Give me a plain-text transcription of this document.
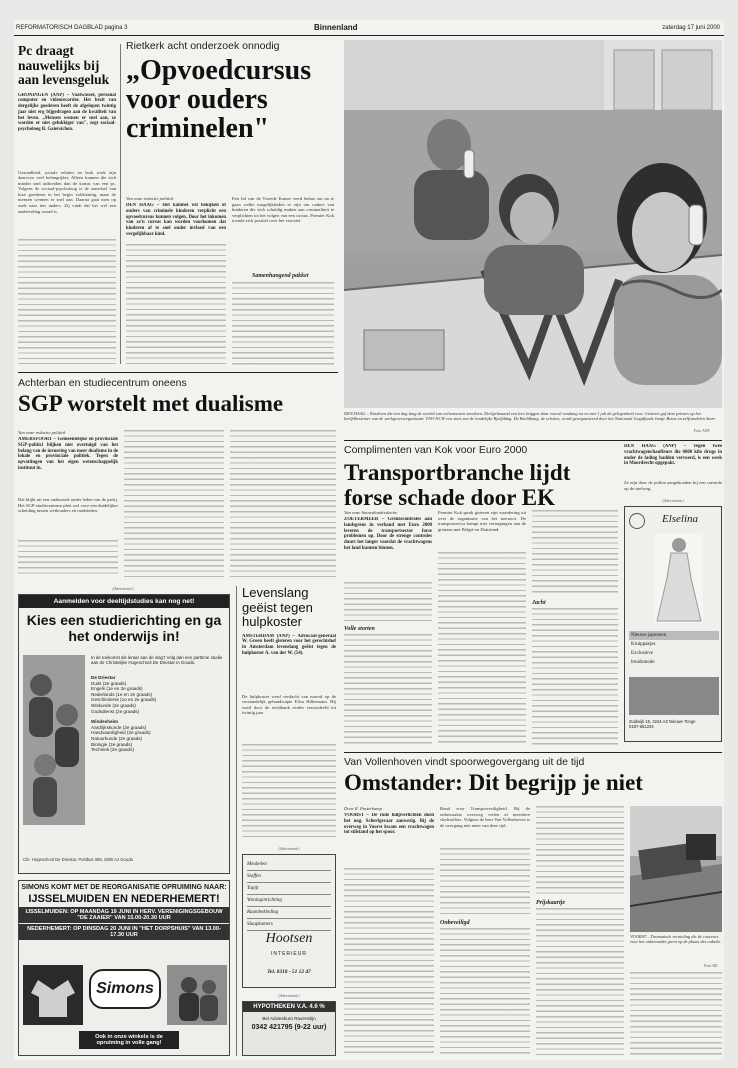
REFORMATORISCH DAGBLAD pagina 3	Binnenland	zaterdag 17 juni 2000
Pc draagt nauwelijks bij aan levensgeluk
GRONINGEN (ANP) – Vaatwasser, personal computer en videorecorder. Het bezit van dergelijke goederen heeft de afgelopen twintig jaar niet erg bijgedragen aan de kwaliteit van het leven. „Mensen wensen er snel aan, ze worden er niet gelukkiger van", zegt sociaal-psycholoog B. Gaiersichen.
Gezondheid, sociale relaties en leuk werk zijn daarvoor veel belangrijker. Alleen kunnen die zich minder snel uitbreiden dan de komst van een pc. Volgens de sociaal-psycholoog is de aanschaf van luxe goederen in het begin voldoening, maar de mensen wennen er snel aan. Daarna gaat men op zoek naar iets anders. Zij vindt dat het wel een aanbeveling waard is.
Rietkerk acht onderzoek onnodig
„Opvoedcursus voor ouders criminelen"
Van onze redactie politiek
DEN HAAG – Het kabinet wil bekijken of ouders van criminele kinderen verplicht een opvoedcursus kunnen volgen. Door het inkomen van ze'n cursus kan worden voorkomen dat kinderen af te snel onder invloed van een vergelijkbaar kind.
Een lid van de Tweede Kamer werd belast om na te gaan welke mogelijkheden er zijn om ouders van kinderen die zich schuldig maken aan criminaliteit te verplichten tot het volgen van een cursus. Premier Kok toonde zich positief over het voorstel.
Samenhangend pakket
DEN HAAG – Kinderen die een dag lang de wereld van volwassenen meedoen. Deelgelmaand een lees kriggen daar vooral vandaag tot en met 1 juli de gelegenheid voor. Gisteren gaf deze prinses op het beelfdbestemer van de werkgeversorganisatie VNO-NCW een start met de landelijke Byelfddag. De Beeldbaag, de scholen, wordt georganiseerd door het Nationaal Jeugdfonds Jantje Beton en zelfcandelen Starr.
Foto: ANP
Achterban en studiecentrum oneens
SGP worstelt met dualisme
Van onze redactie politiek
AMERSFOORT – Gemeentelijke en provinciale SGP-politici blijken niet overtuigd van het belang van de invoering van meer dualisme in de lokale en provinciale politiek. Tegen de opvattingen van het eigen wetenschappelijk instituut in.
Dat blijkt uit een onderzoek onder leden van de partij. Het SGP-studiecentrum pleit wel voor een duidelijker scheiding tussen wethouders en raadsleden.
(Advertentie)
Aanmelden voor deeltijdstudies kan nog net!
Kies een studierichting en ga het onderwijs in!
In de toekomst als leraar aan de slag? Volg dan een parttime studie aan de Christelijke Hogeschool De Driestar in Gouda.
De Driestar
Duits (2e graads)
Engels (1e en 2e graads)
Nederlands (1e en 2e graads)
Geschiedenis (1e en 2e graads)
Wiskunde (2e graads)
Godsdienst (2e graads)
Windesheim
Aardrijkskunde (2e graads)
Handvaardigheid (2e graads)
Natuurkunde (2e graads)
Biologie (2e graads)
Techniek (2e graads)
Chr. Hogeschool De Driestar, Postbus 368, 2800 AJ Gouda
SIMONS KOMT MET DE REORGANISATIE OPRUIMING NAAR:
IJSSELMUIDEN EN NEDERHEMERT!
IJSSELMUIDEN: OP MAANDAG 19 JUNI IN HERV. VERENIGINGSGEBOUW "DE ZAAIER" VAN 15.00-20.30 UUR
NEDERHEMERT: OP DINSDAG 20 JUNI IN "HET DORPSHUIS" VAN 13.00-17.30 UUR
Simons
Ook in onze winkels is de opruiming in volle gang!
Levenslang geëist tegen hulpkoster
AMSTERDAM (ANP) – Advocaat-generaal W. Groen heeft gisteren voor het gerechtshof in Amsterdam levenslang geëist tegen de hulpkoster A. van der W. (54).
De hulpkoster werd verdacht van moord op de verstandelijk gehandicapte Elisa Hilkemann. Hij werd door de rechtbank eerder veroordeeld tot twintig jaar.
(Advertentie)
Meubelen
Stoffen
Tapijt
Woninginrichting
Raambekleding
Slaapkamers
Hootsen
INTERIEUR
Tel. 0318 - 51 12 47
(Advertentie)
HYPOTHEKEN V.A. 4.6 %
Bel Adviesburo Ravenstijn
0342 421795 (9-22 uur)
Complimenten van Kok voor Euro 2000
Transportbranche lijdt forse schade door EK
Van onze binnenlandredactie
ZOETERMEER – Grenzecontroles aan landsgrens in verband met Euro 2000 leveren de transportsector forse problemen op. Door de strenge controles duurt het langer voordat de vrachtwagens het land kunnen binnen.
Volle storten
Premier Kok sprak gisteren zijn waardering uit over de organisatie van het toernooi. De transportsector kampt met vertragingen aan de grenzen met België en Duitsland.
Jacht
DEN HAAG (ANP) – Tegen twee vrachtwagenchauffeurs die 6000 kilo drugs in onder de lading hadden vervoerd, is een week in Moordrecht opgepakt.
Ze zijn door de politie aangehouden bij een controle op de snelweg.
(Advertentie)
Elselina
Nieuwe japonnen
Kruippakjes
Exclusieve
bruidsmode
Zuidwijk 16, 3244 AZ Nieuwe Tonge
0187-651234
Van Vollenhoven vindt spoorwegovergang uit de tijd
Omstander: Dit begrijp je niet
Door R. Pasterkamp
VOORST – De rode hulpverlichten doen het nog. Scherfgevaar aanwezig. Bij de overweg in Voorst kwam een vrachtwagen tot stilstand op het spoor.
Rond voor Transportveiligheid. Bij de onbewaakte overweg vielen al meerdere slachtoffers. Volgens de heer Van Vollenhoven is de overgang niet meer van deze tijd.
Onbeveiligd
Prijskaartje
VOORST – Dramatisch vernieling die de coureurs voor het onbewaakte grein op de plaats des onheils.
Foto: RD
